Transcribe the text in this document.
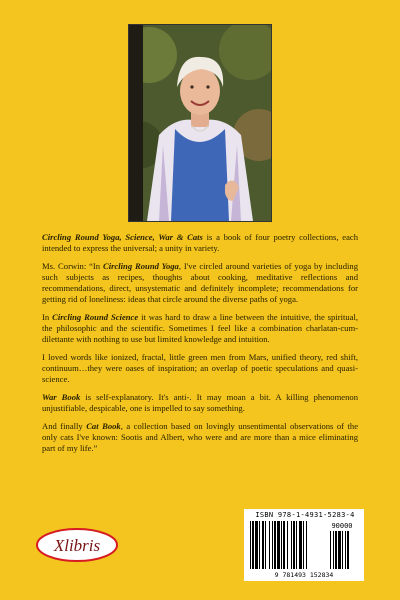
Circling Round Yoga, Science, War & Cats is a book of four poetry collections, each intended to express the universal; a unity in variety.

Ms. Corwin: “In Circling Round Yoga, I've circled around varieties of yoga by including such subjects as recipes, thoughts about cooking, meditative reflections and recommendations, direct, unsystematic and definitely incomplete; recommendations for getting rid of loneliness: ideas that circle around the diverse paths of yoga.

In Circling Round Science it was hard to draw a line between the intuitive, the spiritual, the philosophic and the scientific. Sometimes I feel like a combination charlatan-cum-dilettante with nothing to use but limited knowledge and intuition.

I loved words like ionized, fractal, little green men from Mars, unified theory, red shift, continuum…they were oases of inspiration; an overlap of poetic speculations and quasi-science.

War Book is self-explanatory. It's anti-. It may moan a bit. A killing phenomenon unjustifiable, despicable, one is impelled to say something.

And finally Cat Book, a collection based on lovingly unsentimental observations of the only cats I've known: Sootis and Albert, who were and are more than a mice eliminating part of my life.”

Xlibris
ISBN 978-1-4931-5283-4
90000
9 781493 152834
